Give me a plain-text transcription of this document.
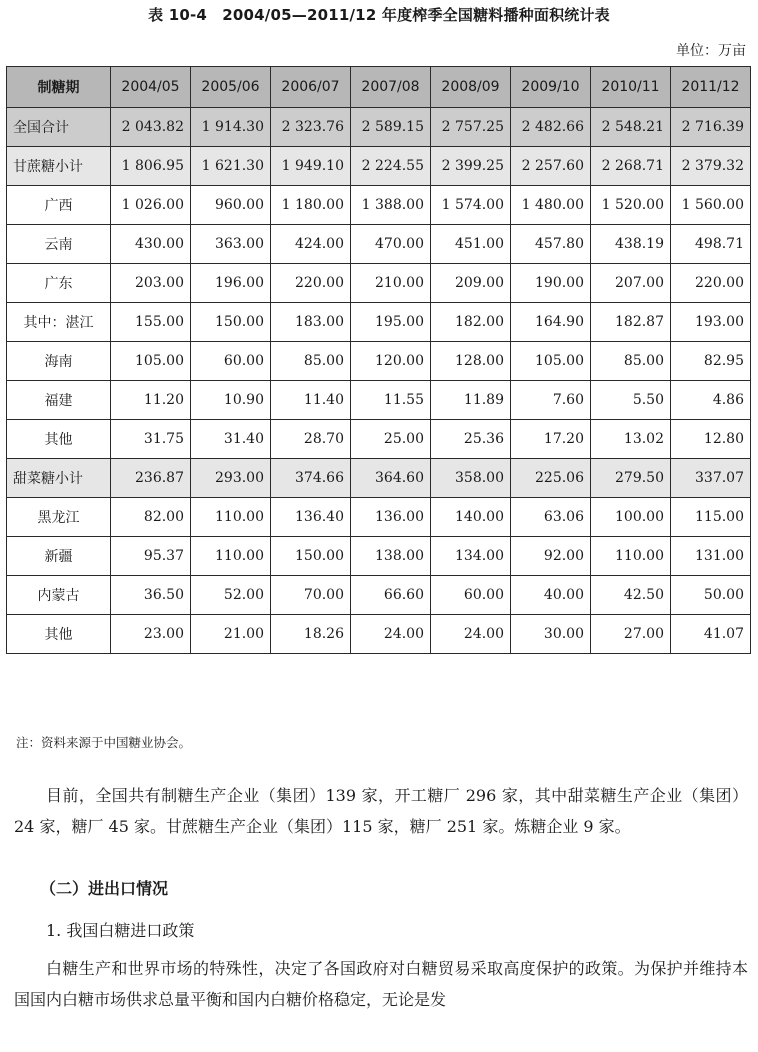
表 10-4　2004/05—2011/12 年度榨季全国糖料播种面积统计表
单位：万亩
制糖期	2004/05	2005/06	2006/07	2007/08	2008/09	2009/10	2010/11	2011/12
全国合计	2 043.82	1 914.30	2 323.76	2 589.15	2 757.25	2 482.66	2 548.21	2 716.39
甘蔗糖小计	1 806.95	1 621.30	1 949.10	2 224.55	2 399.25	2 257.60	2 268.71	2 379.32
广西	1 026.00	960.00	1 180.00	1 388.00	1 574.00	1 480.00	1 520.00	1 560.00
云南	430.00	363.00	424.00	470.00	451.00	457.80	438.19	498.71
广东	203.00	196.00	220.00	210.00	209.00	190.00	207.00	220.00
其中：湛江	155.00	150.00	183.00	195.00	182.00	164.90	182.87	193.00
海南	105.00	60.00	85.00	120.00	128.00	105.00	85.00	82.95
福建	11.20	10.90	11.40	11.55	11.89	7.60	5.50	4.86
其他	31.75	31.40	28.70	25.00	25.36	17.20	13.02	12.80
甜菜糖小计	236.87	293.00	374.66	364.60	358.00	225.06	279.50	337.07
黑龙江	82.00	110.00	136.40	136.00	140.00	63.06	100.00	115.00
新疆	95.37	110.00	150.00	138.00	134.00	92.00	110.00	131.00
内蒙古	36.50	52.00	70.00	66.60	60.00	40.00	42.50	50.00
其他	23.00	21.00	18.26	24.00	24.00	30.00	27.00	41.07
注：资料来源于中国糖业协会。
目前，全国共有制糖生产企业（集团）139 家，开工糖厂 296 家，其中甜菜糖生产企业（集团）24 家，糖厂 45 家。甘蔗糖生产企业（集团）115 家，糖厂 251 家。炼糖企业 9 家。
（二）进出口情况
1. 我国白糖进口政策
白糖生产和世界市场的特殊性，决定了各国政府对白糖贸易采取高度保护的政策。为保护并维持本国国内白糖市场供求总量平衡和国内白糖价格稳定，无论是发
